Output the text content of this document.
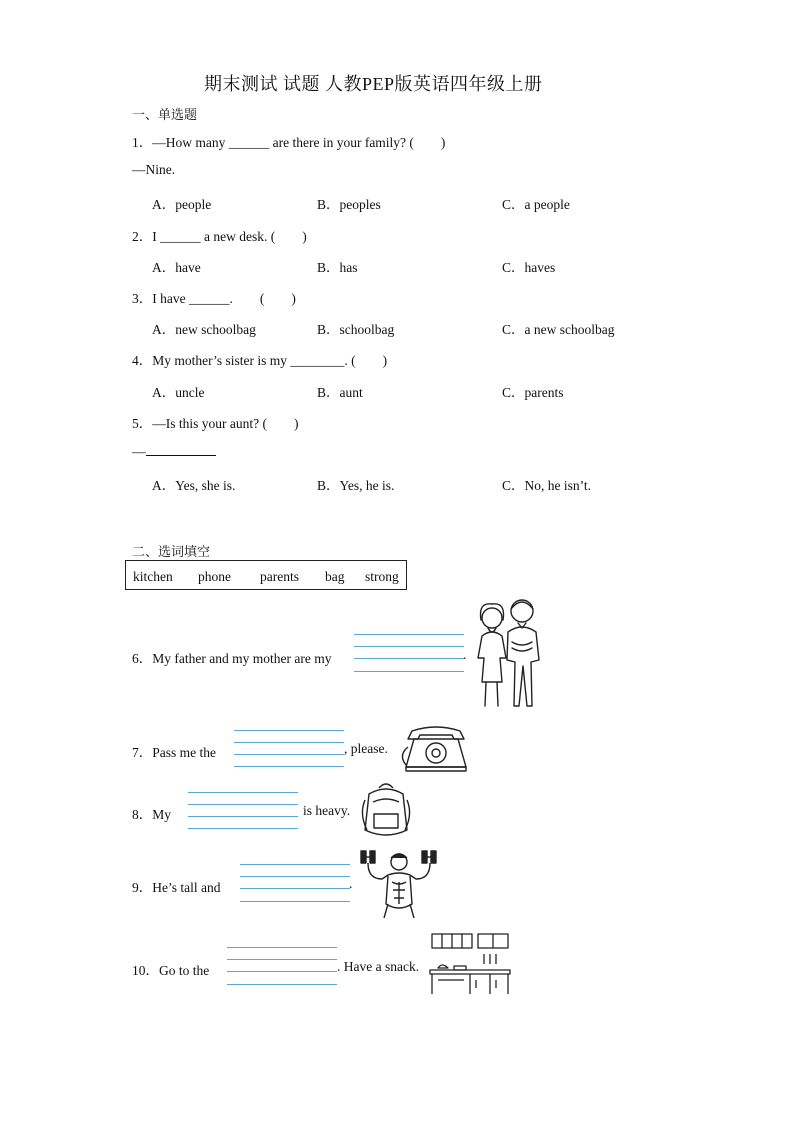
期末测试 试题 人教PEP版英语四年级上册
一、单选题
1．—How many ______ are there in your family? (　　)
—Nine.
A．people	B．peoples	C．a people
2．I ______ a new desk. (　　)
A．have	B．has	C．haves
3．I have ______.　　(　　)
A．new schoolbag	B．schoolbag	C．a new schoolbag
4．My mother’s sister is my ________. (　　)
A．uncle	B．aunt	C．parents
5．—Is this your aunt? (　　)
—
A．Yes, she is.	B．Yes, he is.	C．No, he isn’t.
二、选词填空
kitchen phone parents bag strong
6．My father and my mother are my	.
7．Pass me the	, please.
8．My	is heavy.
9．He’s tall and	.
10．Go to the	. Have a snack.
